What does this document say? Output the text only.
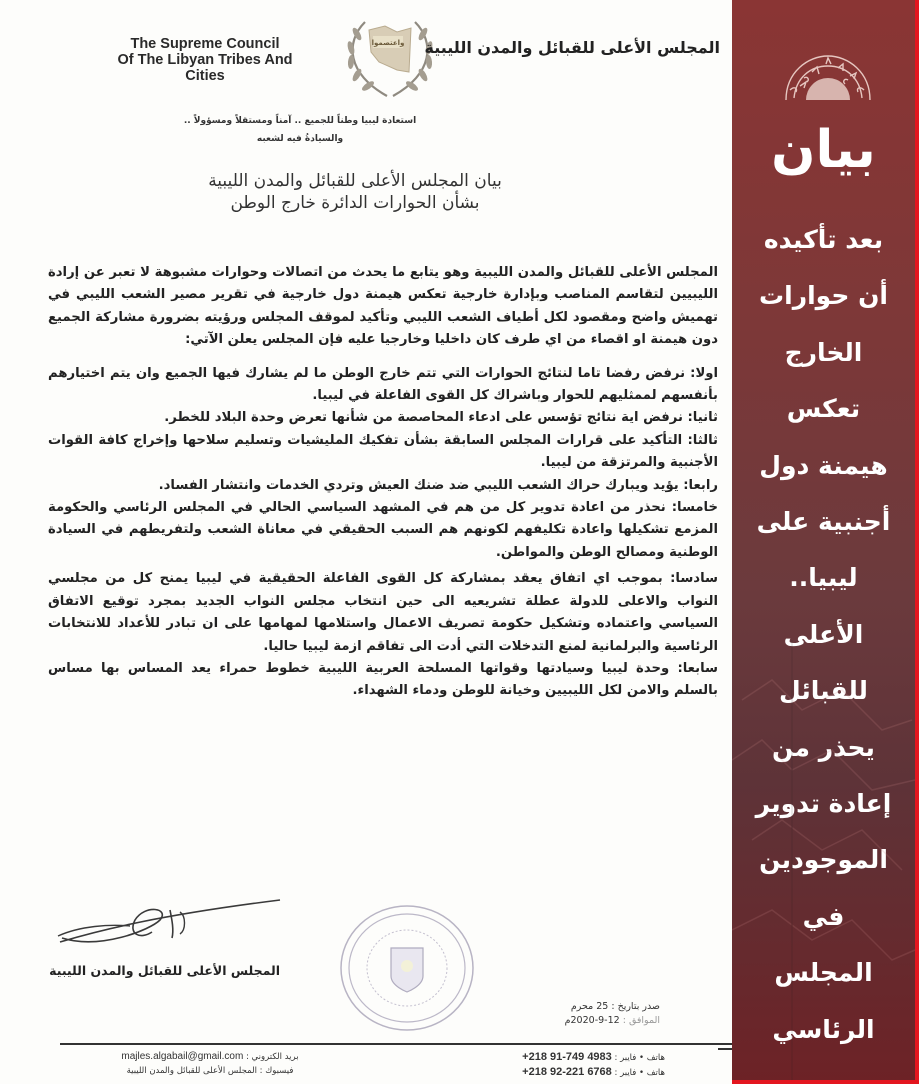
The Supreme Council
Of The Libyan Tribes And Cities
واعتصموا المجلس الأعلى للقبائل والمدن الليبية
استعادة ليبيا وطناً للجميع .. آمناً ومستقلاً ومسؤولاً ..
والسيادةُ فيه لشعبه
بيان المجلس الأعلى للقبائل والمدن الليبية
بشأن الحوارات الدائرة خارج الوطن

المجلس الأعلى للقبائل والمدن الليبية وهو يتابع ما يحدث من اتصالات وحوارات مشبوهة لا تعبر عن إرادة الليبيين لتقاسم المناصب وبإدارة خارجية تعكس هيمنة دول خارجية في تقرير مصير الشعب الليبي في تهميش واضح ومقصود لكل أطياف الشعب الليبي وتأكيد لموقف المجلس ورؤيته بضرورة مشاركة الجميع دون هيمنة او اقصاء من اي طرف كان داخليا وخارجيا عليه فإن المجلس يعلن الآتي:

اولا: نرفض رفضا تاما لنتائج الحوارات التي تتم خارج الوطن ما لم يشارك فيها الجميع وان يتم اختيارهم بأنفسهم لممثليهم للحوار وباشراك كل القوى الفاعلة في ليبيا.

ثانيا: نرفض اية نتائج تؤسس على ادعاء المحاصصة من شأنها تعرض وحدة البلاد للخطر.

ثالثا: التأكيد على قرارات المجلس السابقة بشأن تفكيك المليشيات وتسليم سلاحها وإخراج كافة القوات الأجنبية والمرتزقة من ليبيا.

رابعا: يؤيد ويبارك حراك الشعب الليبي ضد ضنك العيش وتردي الخدمات وانتشار الفساد.

خامسا: نحذر من اعادة تدوير كل من هم في المشهد السياسي الحالي في المجلس الرئاسي والحكومة المزمع تشكيلها واعادة تكليفهم لكونهم هم السبب الحقيقي في معاناة الشعب ولتفريطهم في السيادة الوطنية ومصالح الوطن والمواطن.

سادسا: بموجب اي اتفاق يعقد بمشاركة كل القوى الفاعلة الحقيقية في ليبيا يمنح كل من مجلسي النواب والاعلى للدولة عطلة تشريعيه الى حين انتخاب مجلس النواب الجديد بمجرد توقيع الاتفاق السياسي واعتماده وتشكيل حكومة تصريف الاعمال واستلامها لمهامها على ان تبادر للأعداد للانتخابات الرئاسية والبرلمانية لمنع التدخلات التي أدت الى تفاقم ازمة ليبيا حاليا.

سابعا: وحدة ليبيا وسيادتها وقواتها المسلحة العربية الليبية خطوط حمراء يعد المساس بها مساس بالسلم والامن لكل الليبيين وخيانة للوطن ودماء الشهداء.

المجلس الأعلى للقبائل والمدن الليبية
صدر بتاريخ : 25 محرم
الموافق : 12-9-2020م
بريد الكتروني : majles.algabail@gmail.com
فيسبوك : المجلس الأعلى للقبائل والمدن الليبية
هاتف • فايبر : +218 91-749 4983
هاتف • فايبر : +218 92-221 6768
بيان
بعد تأكيده
أن حوارات
الخارج
تعكس
هيمنة دول
أجنبية على
ليبيا..
الأعلى
للقبائل
يحذر من
إعادة تدوير
الموجودين
في
المجلس
الرئاسي
